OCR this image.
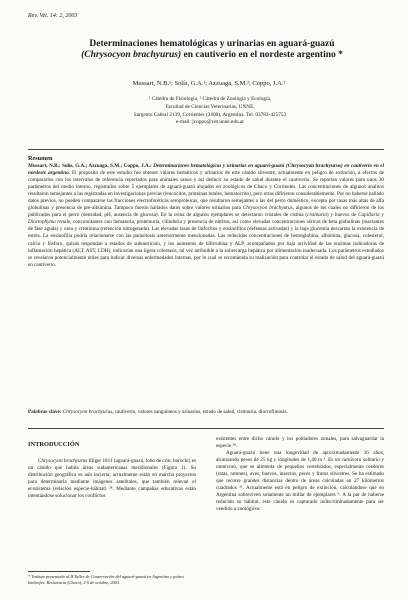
Rev. Vet. 14: 2, 2003
Determinaciones hematológicas y urinarias en aguará-guazú
(Chrysocyon brachyurus) en cautiverio en el nordeste argentino *
Mussart, N.B.¹; Solís, G.A.¹; Azzuaga, S.M.²; Coppo, J.A.¹
¹ Cátedra de Fisiología, ² Cátedra de Zoología y Ecología,
Facultad de Ciencias Veterinarias, UNNE,
Sargento Cabral 2139, Corrientes (3400), Argentina. Tel. 03783-425753
e-mail: jcoppo@vet.unne.edu.ar
Resumen
Mussart, N.B.; Solís, G.A.; Azzuaga, S.M.; Coppo, J.A.: Determinaciones hematológicas y urinarias en aguará-guazú (Chrysocyon brachyurus) en cautiverio en el nordeste argentino. El propósito de este estudio fue obtener valores hemáticos y urinarios de este cánido silvestre, actualmente en peligro de extinción, a efectos de compararlos con los intervalos de referencia reportados para animales sanos y así deducir su estado de salud durante el cautiverio. Se reportan valores para unos 30 parámetros del medio interno, registrados sobre 5 ejemplares de aguará-guazú alojados en zoológicos de Chaco y Corrientes. Las concentraciones de algunos analitos resultaron semejantes a las registradas en investigaciones previas (leucocitos, proteínas totales, hematocrito), pero otras difirieron considerablemente. Por no haberse hallado datos previos, no pueden compararse las fracciones electroforéticas seroproteicas, que resultaron semejantes a las del perro doméstico, excepto por tasas más altas de alfa globulinas y presencia de pre-albúmina. Tampoco fueron hallados datos sobre valores urinarios para Chrysocyon brachyurus, algunos de los cuales no difirieron de los publicados para el perro (densidad, pH, ausencia de glucosa). En la orina de algunos ejemplares se detectaron cristales de cistina (cistinuria) y huevos de Capillaria y Dioctophyma renale, concomitantes con hematuria, proteinuria, cilinduria y presencia de nitritos, así como elevadas concentraciones séricas de beta globulinas (reactantes de fase aguda) y urea y creatinina (retención nitrogenada). Las elevadas tasas de linfocitos y eosinófilos (defensas activadas) y la baja glucemia descartan la existencia de estrés. La eosinofilia podría relacionarse con las parasitosis anteriormente mencionadas. Las reducidas concentraciones de hemoglobina, albúmina, glucosa, colesterol, calcio y fósforo, quizás respondan a estados de subnutrición, y los aumentos de bilirrubina y ALP, acompañados por baja actividad de las enzimas indicadoras de inflamación hepática (ALT, AST, LDH), indicarían una ligera colestasis, tal vez atribuible a la sobrecarga hepática por alimentación inadecuada. Los parámetros estudiados se revelaron potencialmente útiles para indicar diversas enfermedades internas, por lo cual se recomienda su realización para controlar el estado de salud del aguará-guazú en cautiverio.
Palabras clave: Chrysocyon brachyurus, cautiverio, valores sanguíneos y urinarios, estado de salud, cistinuria, dioctofimosis.
INTRODUCCIÓN

Chrysocyon brachyurus Illiger 1811 (aguará-guazú, lobo de crin, borochi) es un cánido que habita áreas sudamericanas meridionales (Figura 1). Su distribución geográfica es aún incierta; actualmente están en marcha proyectos para determinarla mediante imágenes satelitales, que también relevan el ecosistema (relación especie-hábitat) ²⁸. Mediante campañas educativas están intentándose solucionar los conflictos

existentes entre dicho cánido y los pobladores zonales, para salvaguardar la especie ²⁸.

Aguará-guazú tiene una longevidad de aproximadamente 16 años, alcanzando pesos de 25 kg y longitudes de 1,40 m ³. Es un carnívoro solitario y omnívoro, que se alimenta de pequeños vertebrados, especialmente roedores (ratas, ratones), aves, huevos, insectos, peces y frutos silvestres. Se ha estimado que recorre grandes distancias dentro de áreas calculadas en 27 kilómetros cuadrados ²¹. Actualmente está en peligro de extinción, calculándose que en Argentina sobreviven solamente un millar de ejemplares ⁹. A la par de haberse reducido su hábitat, este cánido es capturado indiscriminadamente para ser vendido a zoológicos

* Trabajo presentado al II Taller de Conservación del aguará-guazú en Argentina y países limítrofes. Resistencia (Chaco), 2-5 de octubre, 2003.
